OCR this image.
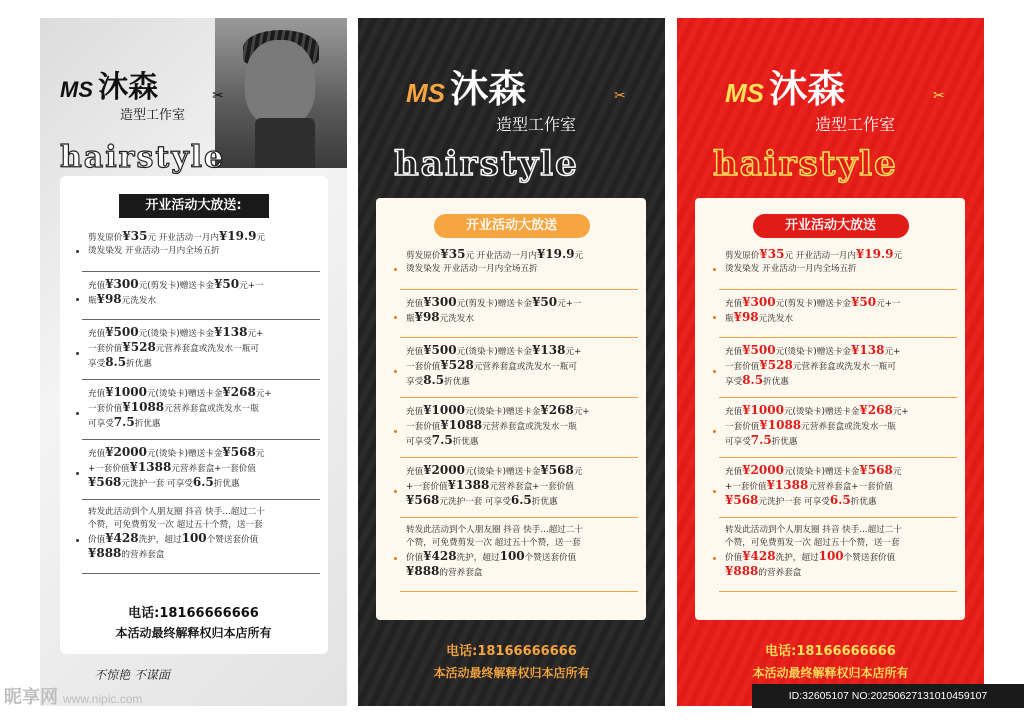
MS 沐森	✂
造型工作室
hairstyle
开业活动大放送:
剪发原价¥35元 开业活动一月内¥19.9元
烫发染发 开业活动一月内全场五折
充值¥300元(剪发卡)赠送卡金¥50元+一
瓶¥98元洗发水
充值¥500元(烫染卡)赠送卡金¥138元+
一套价值¥528元营养套盒或洗发水一瓶可
享受8.5折优惠
充值¥1000元(烫染卡)赠送卡金¥268元+
一套价值¥1088元营养套盒或洗发水一瓶
可享受7.5折优惠
充值¥2000元(烫染卡)赠送卡金¥568元
+一套价值¥1388元营养套盒+一套价值
¥568元洗护一套 可享受6.5折优惠
转发此活动到个人朋友圈 抖音 快手...超过二十
个赞，可免费剪发一次 超过五十个赞，送一套
价值¥428洗护，超过100个赞送套价值
¥888的营养套盒
电话:18166666666
本活动最终解释权归本店所有
不惊艳 不谋面
MS 沐森	✂
造型工作室
hairstyle
开业活动大放送
剪发原价¥35元 开业活动一月内¥19.9元
烫发染发 开业活动一月内全场五折
充值¥300元(剪发卡)赠送卡金¥50元+一
瓶¥98元洗发水
充值¥500元(烫染卡)赠送卡金¥138元+
一套价值¥528元营养套盒或洗发水一瓶可
享受8.5折优惠
充值¥1000元(烫染卡)赠送卡金¥268元+
一套价值¥1088元营养套盒或洗发水一瓶
可享受7.5折优惠
充值¥2000元(烫染卡)赠送卡金¥568元
+一套价值¥1388元营养套盒+一套价值
¥568元洗护一套 可享受6.5折优惠
转发此活动到个人朋友圈 抖音 快手...超过二十
个赞，可免费剪发一次 超过五十个赞，送一套
价值¥428洗护，超过100个赞送套价值
¥888的营养套盒
电话:18166666666
本活动最终解释权归本店所有
MS 沐森	✂
造型工作室
hairstyle
开业活动大放送
剪发原价¥35元 开业活动一月内¥19.9元
烫发染发 开业活动一月内全场五折
充值¥300元(剪发卡)赠送卡金¥50元+一
瓶¥98元洗发水
充值¥500元(烫染卡)赠送卡金¥138元+
一套价值¥528元营养套盒或洗发水一瓶可
享受8.5折优惠
充值¥1000元(烫染卡)赠送卡金¥268元+
一套价值¥1088元营养套盒或洗发水一瓶
可享受7.5折优惠
充值¥2000元(烫染卡)赠送卡金¥568元
+一套价值¥1388元营养套盒+一套价值
¥568元洗护一套 可享受6.5折优惠
转发此活动到个人朋友圈 抖音 快手...超过二十
个赞，可免费剪发一次 超过五十个赞，送一套
价值¥428洗护，超过100个赞送套价值
¥888的营养套盒
电话:18166666666
本活动最终解释权归本店所有
昵享网 www.nipic.com	ID:32605107 NO:20250627131010459107
